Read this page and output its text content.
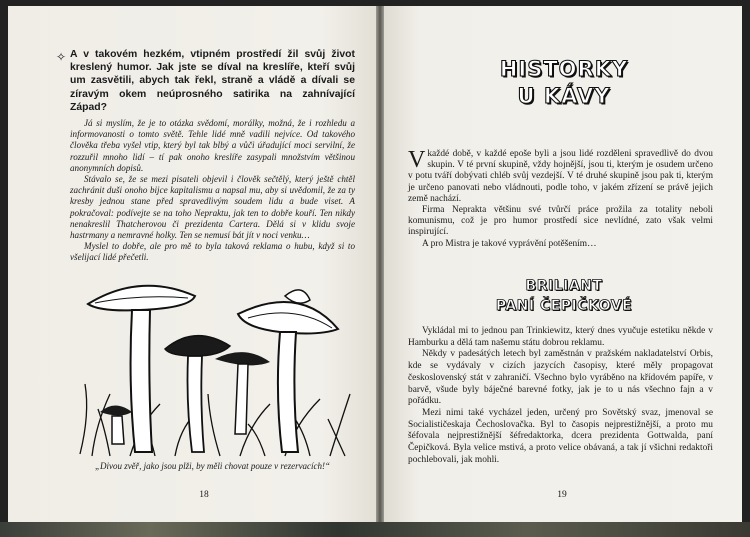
✧ A v takovém hezkém, vtipném prostředí žil svůj život kreslený humor. Jak jste se díval na kreslíře, kteří svůj um zasvětili, abych tak řekl, straně a vládě a dívali se zíravým okem neúprosného satirika na zahnívající Západ?

Já si myslím, že je to otázka svědomí, morálky, možná, že i rozhledu a informovanosti o tomto světě. Tehle lidé mně vadili nejvíce. Od takového člověka třeba vyšel vtip, který byl tak blbý a vůči úřadující moci servilní, že rozzuřil mnoho lidí – tí pak onoho kreslíře zasypali množstvím většinou anonymních dopisů.

Stávalo se, že se mezi pisateli objevil i člověk sečtělý, který ještě chtěl zachránit duši onoho bijce kapitalismu a napsal mu, aby si uvědomil, že za ty kresby jednou stane před spravedlivým soudem lidu a bude viset. A pokračoval: podívejte se na toho Nepraktu, jak ten to dobře kouří. Ten nikdy nenakreslil Thatcherovou či prezidenta Cartera. Dělá si v klidu svoje hastrmany a nemravné holky. Ten se nemusí bát jít v noci venku…

Myslel to dobře, ale pro mě to byla taková reklama o hubu, když si to všelijací lidé přečetli.

„Divou zvěř, jako jsou plži, by měli chovat pouze v rezervacích!“
18
HISTORKY
U KÁVY

Vkaždé době, v každé epoše byli a jsou lidé rozděleni spravedlivě do dvou skupin. V té první skupině, vždy hojnější, jsou ti, kterým je osudem určeno v potu tváří dobývati chléb svůj vezdejší. V té druhé skupině jsou pak ti, kterým je určeno panovati nebo vládnouti, podle toho, v jakém zřízení se právě jejich země nachází.

Firma Neprakta většinu své tvůrčí práce prožila za totality neboli komunismu, což je pro humor prostředí sice nevlídné, zato však velmi inspirující.

A pro Mistra je takové vyprávění potěšením…

BRILIANT
PANÍ ČEPIČKOVÉ

Vykládal mi to jednou pan Trinkiewitz, který dnes vyučuje estetiku někde v Hamburku a dělá tam našemu státu dobrou reklamu.

Někdy v padesátých letech byl zaměstnán v pražském nakladatelství Orbis, kde se vydávaly v cizích jazycích časopisy, které měly propagovat československý stát v zahraničí. Všechno bylo vyráběno na křídovém papíře, v barvě, všude byly báječné barevné fotky, jak je to u nás všechno fajn a v pořádku.

Mezi nimi také vycházel jeden, určený pro Sovětský svaz, jmenoval se Socialističeskaja Čechoslovačka. Byl to časopis nejprestižnější, a proto mu šéfovala nejprestižnější šéfredaktorka, dcera prezidenta Gottwalda, paní Čepičková. Byla velice mstivá, a proto velice obávaná, a tak jí všichni redaktoři pochlebovali, jak mohli.

19
